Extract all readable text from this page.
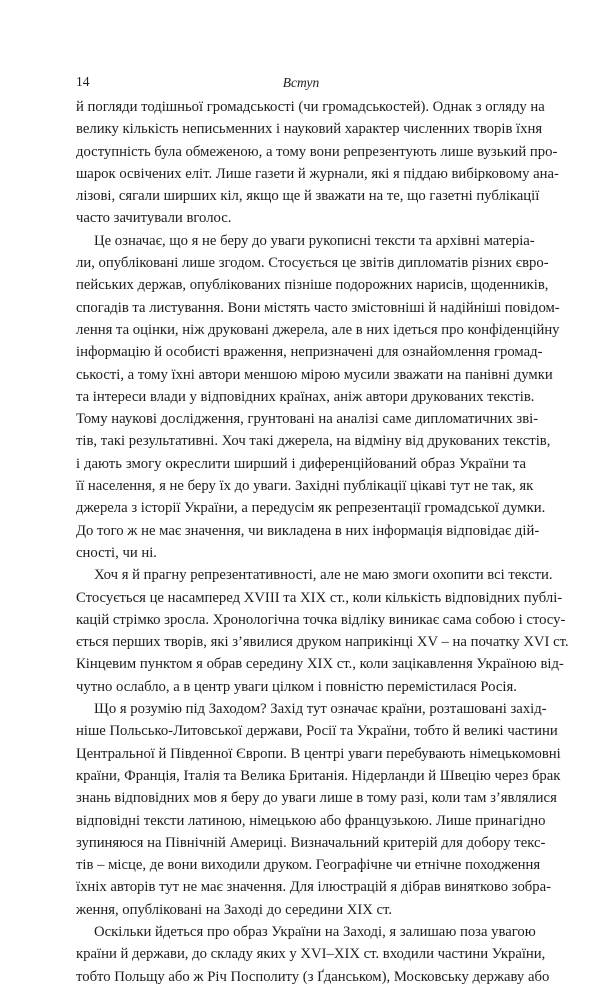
14	Вступ
й погляди тодішньої громадськості (чи громадськостей). Однак з огляду на
велику кількість неписьменних і науковий характер численних творів їхня
доступність була обмеженою, а тому вони репрезентують лише вузький про-
шарок освічених еліт. Лише газети й журнали, які я піддаю вибірковому ана-
лізові, сягали ширших кіл, якщо ще й зважати на те, що газетні публікації
часто зачитували вголос.
Це означає, що я не беру до уваги рукописні тексти та архівні матеріа-
ли, опубліковані лише згодом. Стосується це звітів дипломатів різних євро-
пейських держав, опублікованих пізніше подорожних нарисів, щоденників,
спогадів та листування. Вони містять часто змістовніші й надійніші повідом-
лення та оцінки, ніж друковані джерела, але в них ідеться про конфіденційну
інформацію й особисті враження, непризначені для ознайомлення громад-
ськості, а тому їхні автори меншою мірою мусили зважати на панівні думки
та інтереси влади у відповідних країнах, аніж автори друкованих текстів.
Тому наукові дослідження, грунтовані на аналізі саме дипломатичних зві-
тів, такі результативні. Хоч такі джерела, на відміну від друкованих текстів,
і дають змогу окреслити ширший і диференційований образ України та
її населення, я не беру їх до уваги. Західні публікації цікаві тут не так, як
джерела з історії України, а передусім як репрезентації громадської думки.
До того ж не має значення, чи викладена в них інформація відповідає дій-
сності, чи ні.
Хоч я й прагну репрезентативності, але не маю змоги охопити всі тексти.
Стосується це насамперед XVIII та XIX ст., коли кількість відповідних публі-
кацій стрімко зросла. Хронологічна точка відліку виникає сама собою і стосу-
ється перших творів, які з’явилися друком наприкінці XV – на початку XVI ст.
Кінцевим пунктом я обрав середину XIX ст., коли зацікавлення Україною від-
чутно ослабло, а в центр уваги цілком і повністю перемістилася Росія.
Що я розумію під Заходом? Захід тут означає країни, розташовані захід-
ніше Польсько-Литовської держави, Росії та України, тобто й великі частини
Центральної й Південної Європи. В центрі уваги перебувають німецькомовні
країни, Франція, Італія та Велика Британія. Нідерланди й Швецію через брак
знань відповідних мов я беру до уваги лише в тому разі, коли там з’являлися
відповідні тексти латиною, німецькою або французькою. Лише принагідно
зупиняюся на Північній Америці. Визначальний критерій для добору текс-
тів – місце, де вони виходили друком. Географічне чи етнічне походження
їхніх авторів тут не має значення. Для ілюстрацій я дібрав винятково зобра-
ження, опубліковані на Заході до середини XIX ст.
Оскільки йдеться про образ України на Заході, я залишаю поза увагою
країни й держави, до складу яких у XVI–XIX ст. входили частини України,
тобто Польщу або ж Річ Посполиту (з Ґданськом), Московську державу або
